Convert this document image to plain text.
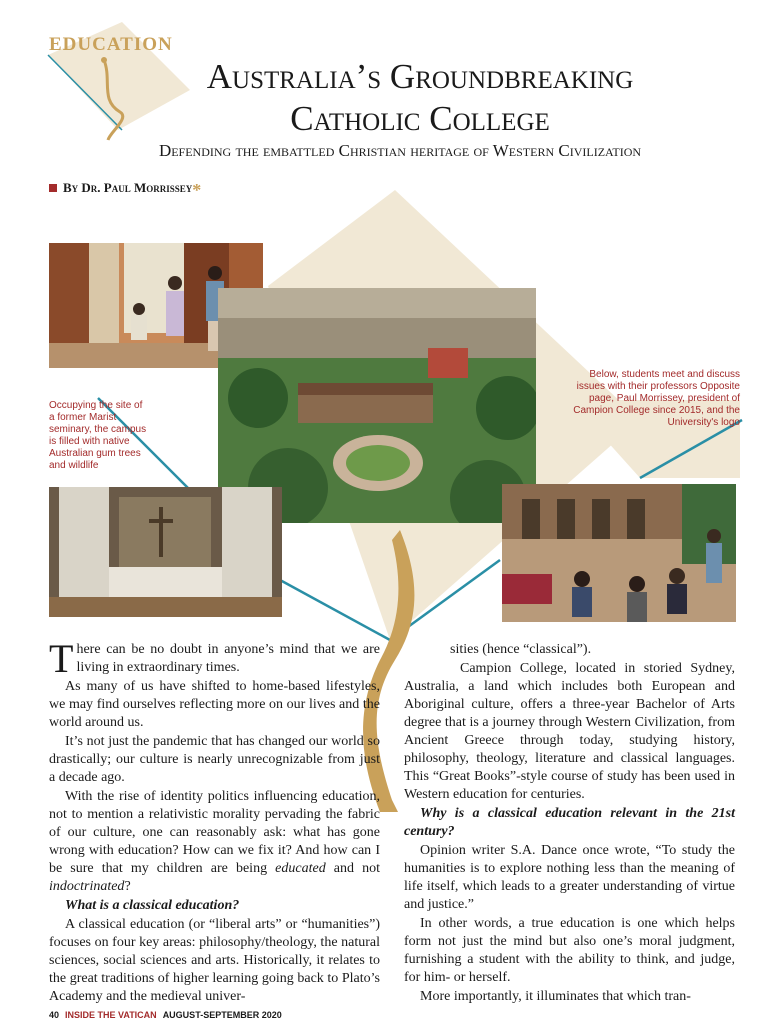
EDUCATION
Australia’s Groundbreaking
Catholic College
Defending the embattled Christian heritage of Western Civilization
By Dr. Paul Morrissey*
Occupying the site of a former Marist seminary, the campus is filled with native Australian gum trees and wildlife
Below, students meet and discuss issues with their professors Opposite page, Paul Morrissey, president of Campion College since 2015, and the University's logo

There can be no doubt in anyone’s mind that we are living in extraordinary times.

As many of us have shifted to home-based lifestyles, we may find ourselves reflecting more on our lives and the world around us.

It’s not just the pandemic that has changed our world so drastically; our culture is nearly unrecognizable from just a decade ago.

With the rise of identity politics influencing education, not to mention a relativistic morality pervading the fabric of our culture, one can reasonably ask: what has gone wrong with education? How can we fix it? And how can I be sure that my children are being educated and not indoctrinated?

What is a classical education?

A classical education (or “liberal arts” or “humanities”) focuses on four key areas: philosophy/theology, the natural sciences, social sciences and arts. Historically, it relates to the great traditions of higher learning going back to Plato’s Academy and the medieval univer-

sities (hence “classical”).

Campion College, located in storied Sydney, Australia, a land which includes both European and Aboriginal culture, offers a three-year Bachelor of Arts degree that is a journey through Western Civilization, from Ancient Greece through today, studying history, philosophy, theology, literature and classical languages. This “Great Books”-style course of study has been used in Western education for centuries.

Why is a classical education relevant in the 21st century?

Opinion writer S.A. Dance once wrote, “To study the humanities is to explore nothing less than the meaning of life itself, which leads to a greater understanding of virtue and justice.”

In other words, a true education is one which helps form not just the mind but also one’s moral judgment, furnishing a student with the ability to think, and judge, for him- or herself.

More importantly, it illuminates that which tran-

40 INSIDE THE VATICAN AUGUST-SEPTEMBER 2020
